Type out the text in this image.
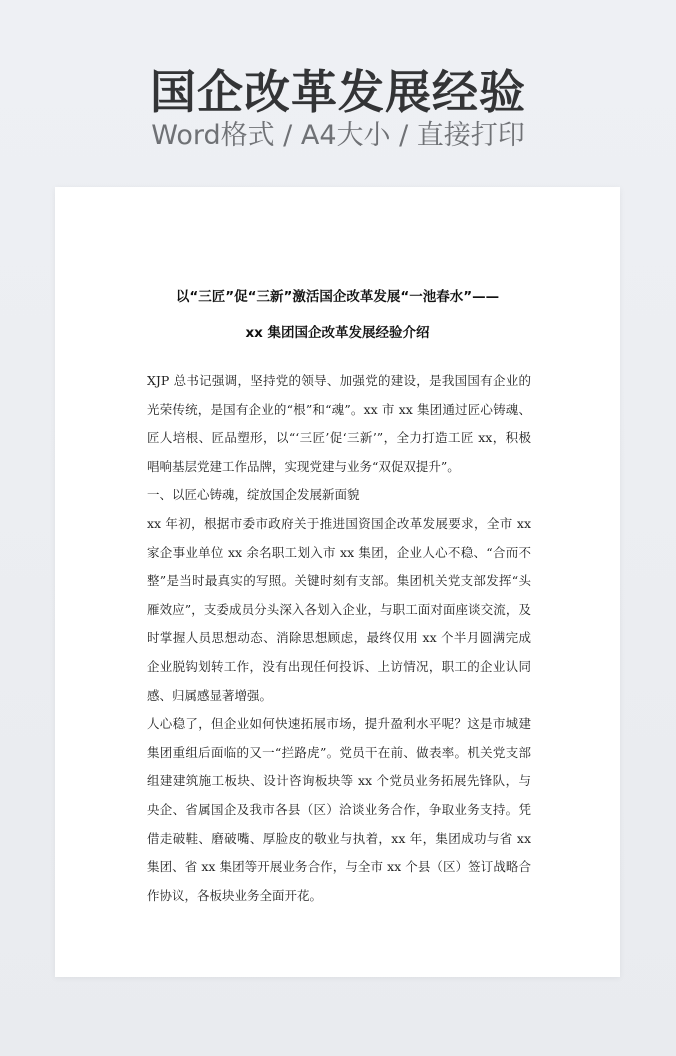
国企改革发展经验
Word格式 / A4大小 / 直接打印
以“三匠”促“三新”激活国企改革发展“一池春水”——
xx 集团国企改革发展经验介绍

XJP 总书记强调，坚持党的领导、加强党的建设，是我国国有企业的光荣传统，是国有企业的“根”和“魂”。xx 市 xx 集团通过匠心铸魂、匠人培根、匠品塑形，以“‘三匠’促‘三新’”，全力打造工匠 xx，积极唱响基层党建工作品牌，实现党建与业务“双促双提升”。

一、以匠心铸魂，绽放国企发展新面貌

xx 年初，根据市委市政府关于推进国资国企改革发展要求，全市 xx 家企事业单位 xx 余名职工划入市 xx 集团，企业人心不稳、“合而不整”是当时最真实的写照。关键时刻有支部。集团机关党支部发挥“头雁效应”，支委成员分头深入各划入企业，与职工面对面座谈交流，及时掌握人员思想动态、消除思想顾虑，最终仅用 xx 个半月圆满完成企业脱钩划转工作，没有出现任何投诉、上访情况，职工的企业认同感、归属感显著增强。

人心稳了，但企业如何快速拓展市场，提升盈利水平呢？这是市城建集团重组后面临的又一“拦路虎”。党员干在前、做表率。机关党支部组建建筑施工板块、设计咨询板块等 xx 个党员业务拓展先锋队，与央企、省属国企及我市各县（区）洽谈业务合作，争取业务支持。凭借走破鞋、磨破嘴、厚脸皮的敬业与执着，xx 年，集团成功与省 xx 集团、省 xx 集团等开展业务合作，与全市 xx 个县（区）签订战略合作协议，各板块业务全面开花。
